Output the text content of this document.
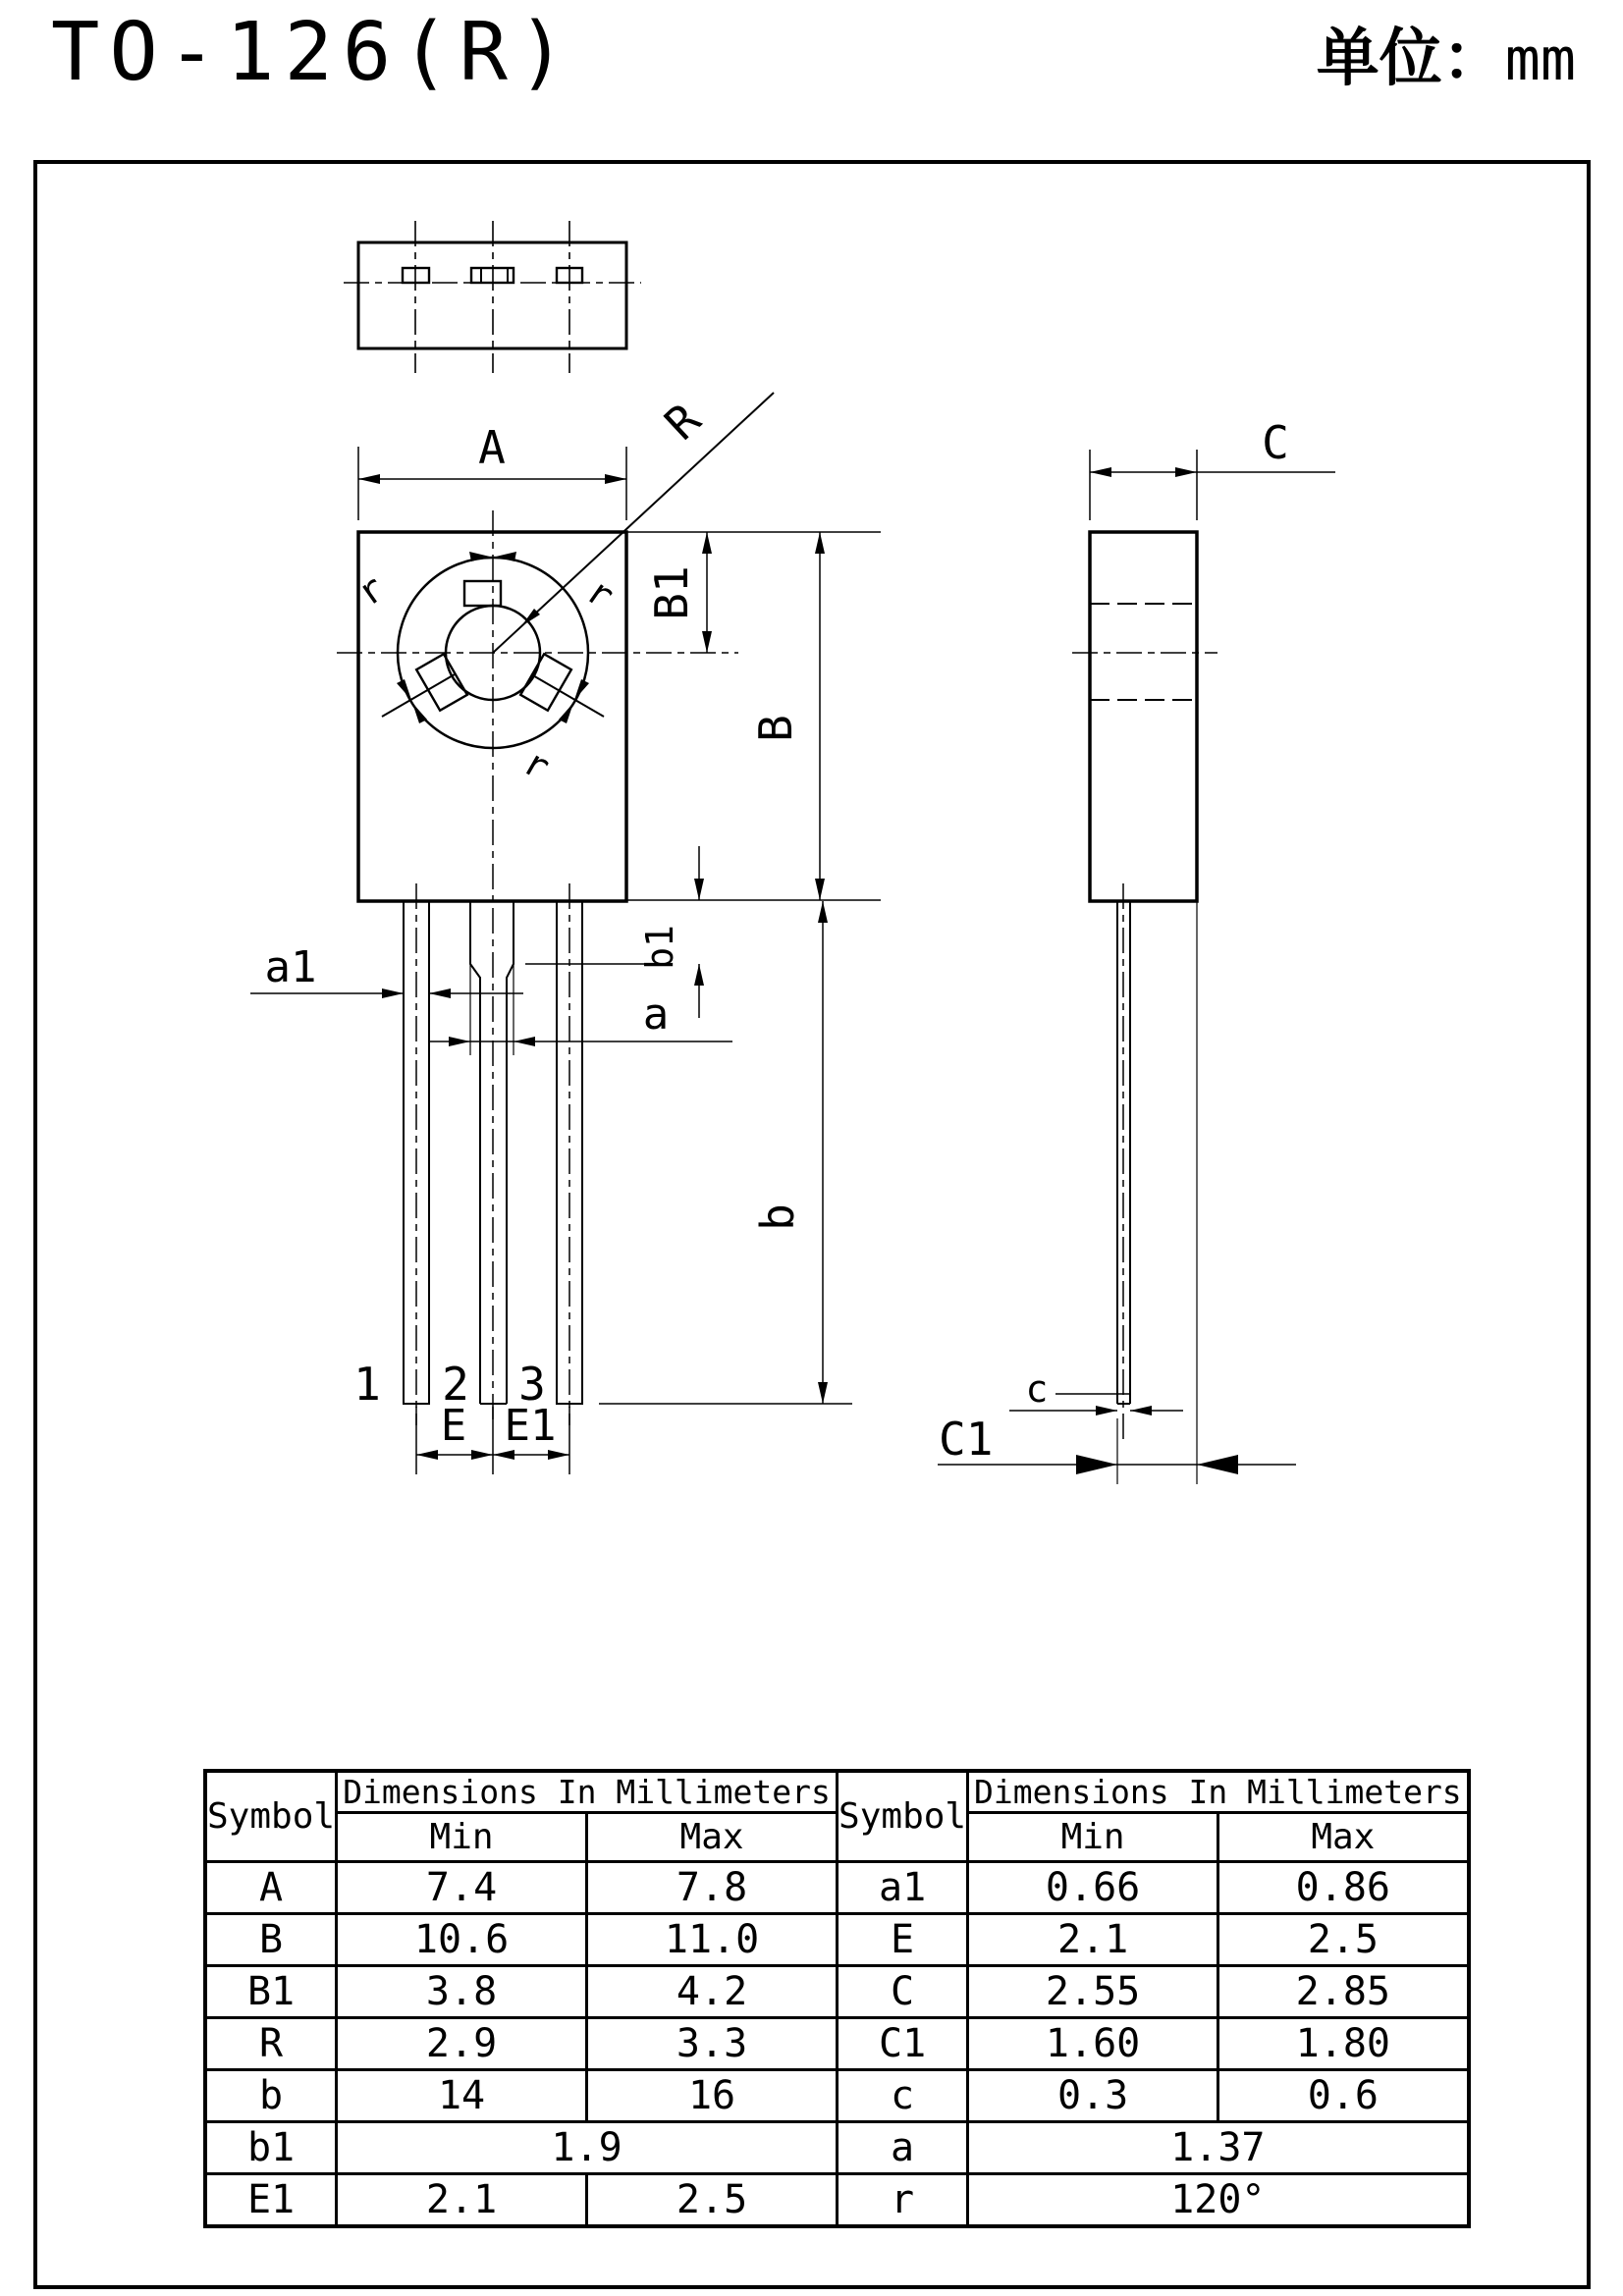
TO-126(R)	单位：mm
A	R
B1
B
b1
b
a1
a
E E1
C
c
C1
r	r
r
1 2 3
Symbol	Dimensions In Millimeters		Symbol	Dimensions In Millimeters	
	Min	Max		Min	Max
A	7.4	7.8	a1	0.66	0.86
B	10.6	11.0	E	2.1	2.5
B1	3.8	4.2	C	2.55	2.85
R	2.9	3.3	C1	1.60	1.80
b	14	16	c	0.3	0.6
b1	1.9		a	1.37	
E1	2.1	2.5	r	120°	
